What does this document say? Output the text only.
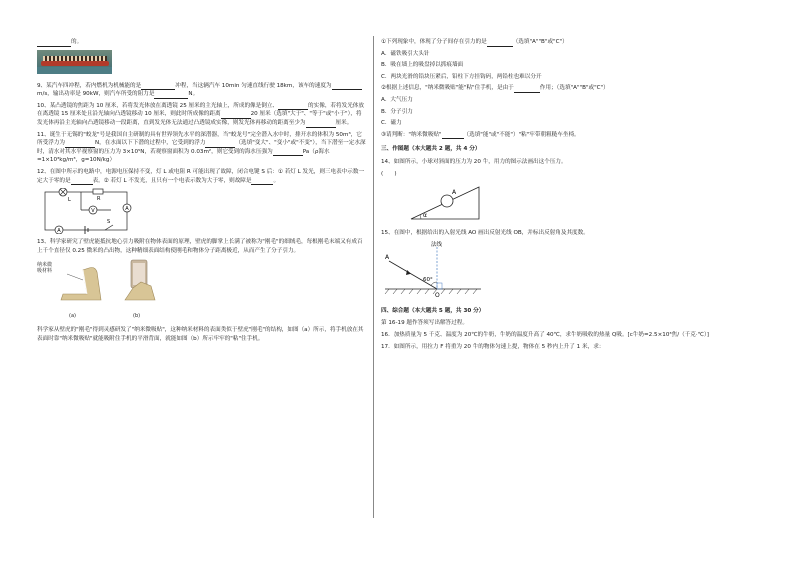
的。

9、某汽车四冲程，若内燃机为机械能的是	冲程，当这辆汽车 10min 匀速直线行驶 18km，该车的速度为m/s，输出功率是 90kW，则汽车所受的阻力是	N。

10、某凸透镜的焦距为 10 厘米，若将发光体放在离透镜 25 厘米的主光轴上，所成的像是倒立、	的实像，若将发光体放在离透镜 15 厘米处且沿光轴向凸透镜移动 10 厘米，则此时所成像的距离	20 厘米（选填"大于"、"等于"或"小于"），将发光体再沿主光轴向凸透镜移动一段距离，直到发光体无法通过凸透镜成实像，则发光体再移动的距离至少为	厘米。

11、诞生于无锡的"蛟龙"号是我国自主研制的具有世界领先水平的深潜器，当"蛟龙号"完全潜入水中时，排开水的体积为 50m³，它所受浮力为	N，在水面以下下潜的过程中，它受到的浮力	（选填"变大"、"变小"或"不变"），当下潜至一定水深时，清水对其水平视察窗的压力为 3×10⁵N，若观察窗面积为 0.03m²，则它受到的海水压强为	Pa（ρ海水=1×10³kg/m³，g=10N/kg）

12、在图中所示的电路中，电源电压保持不变，灯 L 或电阻 R 可能出现了故障，闭合电键 S 后：① 若灯 L 发光，则三电表中示数一定大于零的是	表。② 若灯 L 不发光，且只有一个电表示数为大于零，则故障是	。

L	R
V	A
A
S

13、科学家研究了壁虎能抵抗地心引力吸附在物体表面的原理，壁虎的脚掌上长满了被称为"刚毛"的细绒毛，每根刚毛末端又有成百上千个直径仅 0.25 微米的凸出物，这种精细表面结构使刚毛和物体分子距离极近，从而产生了分子引力。

纳米微吸材料
(a)	(b)

科学家从壁虎的"刚毛"得到灵感研发了"纳米微吸贴"，这种纳米材料的表面类似于壁虎"刚毛"的结构，如图（a）所示，将手机放在其表面时靠"纳米微吸贴"就能吸附住手机的平滑背面，就能如图（b）所示牢牢的"粘"住手机。

①下列现象中，体现了分子间存在引力的是	（选填"A""B"或"C"）

A．磁铁吸引大头针

B．吸在墙上的吸盘掉以抓痕墙面

C．两块光滑的铅块压紧后，铅柱下方挂钩码，两铅柱也难以分开

②根据上述信息，"纳米微吸贴"能"粘"住手机，是由于	作用；（选填"A""B"或"C"）

A．大气压力

B．分子引力

C．磁力

③请判断："纳米微吸贴"	（选填"能"或"不能"）"粘"牢带朝粗糙车坐椅。

三、作图题（本大题共 2 题，共 4 分）

14、如图所示，小球对斜面的压力为 20 牛，用力的图示法画出这个压力。

(　　)

A
α

15、在图中，根据给出的入射光线 AO 画出反射光线 OB，并标出反射角及其度数。

法线
A
60°
O

四、综合题（本大题共 5 题，共 30 分）

第 16-19 题作答须写出解答过程。

16．加热质量为 5 千克、温度为 20℃的牛奶，牛奶的温度升高了 40℃，求牛奶吸收的热量 Q吸。[c牛奶=2.5×10³焦/（千克·℃）]

17．如图所示，用拉力 F 将重为 20 牛的物体匀速上提，物体在 5 秒内上升了 1 米，求：
